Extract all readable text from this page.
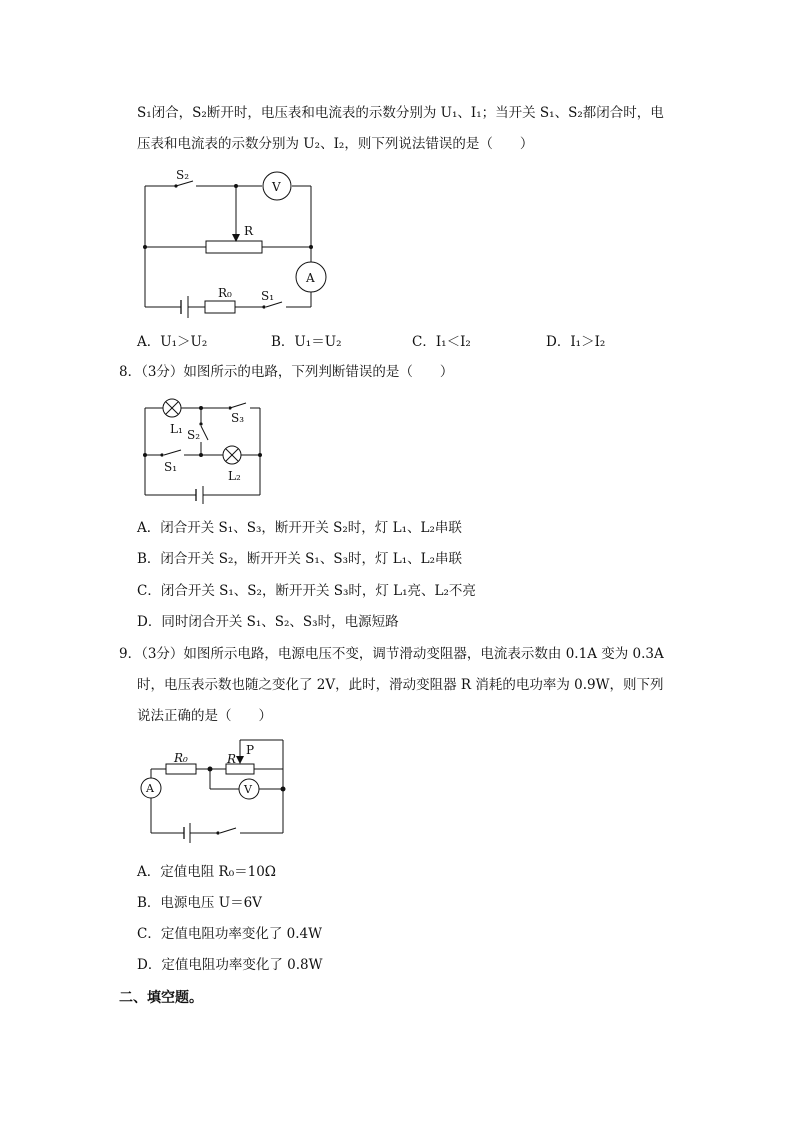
S₁闭合，S₂断开时，电压表和电流表的示数分别为 U₁、I₁；当开关 S₁、S₂都闭合时，电
压表和电流表的示数分别为 U₂、I₂，则下列说法错误的是（　　）
S₂
V
R
A
R₀ S₁
A．U₁＞U₂	B．U₁＝U₂	C．I₁＜I₂	D．I₁＞I₂
8．（3分）如图所示的电路，下列判断错误的是（　　）
S₃
L₁ S₂
S₁
L₂
A．闭合开关 S₁、S₃，断开开关 S₂时，灯 L₁、L₂串联
B．闭合开关 S₂，断开开关 S₁、S₃时，灯 L₁、L₂串联
C．闭合开关 S₁、S₂，断开开关 S₃时，灯 L₁亮、L₂不亮
D．同时闭合开关 S₁、S₂、S₃时，电源短路
9．（3分）如图所示电路，电源电压不变，调节滑动变阻器，电流表示数由 0.1A 变为 0.3A
时，电压表示数也随之变化了 2V，此时，滑动变阻器 R 消耗的电功率为 0.9W，则下列
说法正确的是（　　）
R₀	R
P
A	V
A．定值电阻 R₀＝10Ω
B．电源电压 U＝6V
C．定值电阻功率变化了 0.4W
D．定值电阻功率变化了 0.8W
二、填空题。
